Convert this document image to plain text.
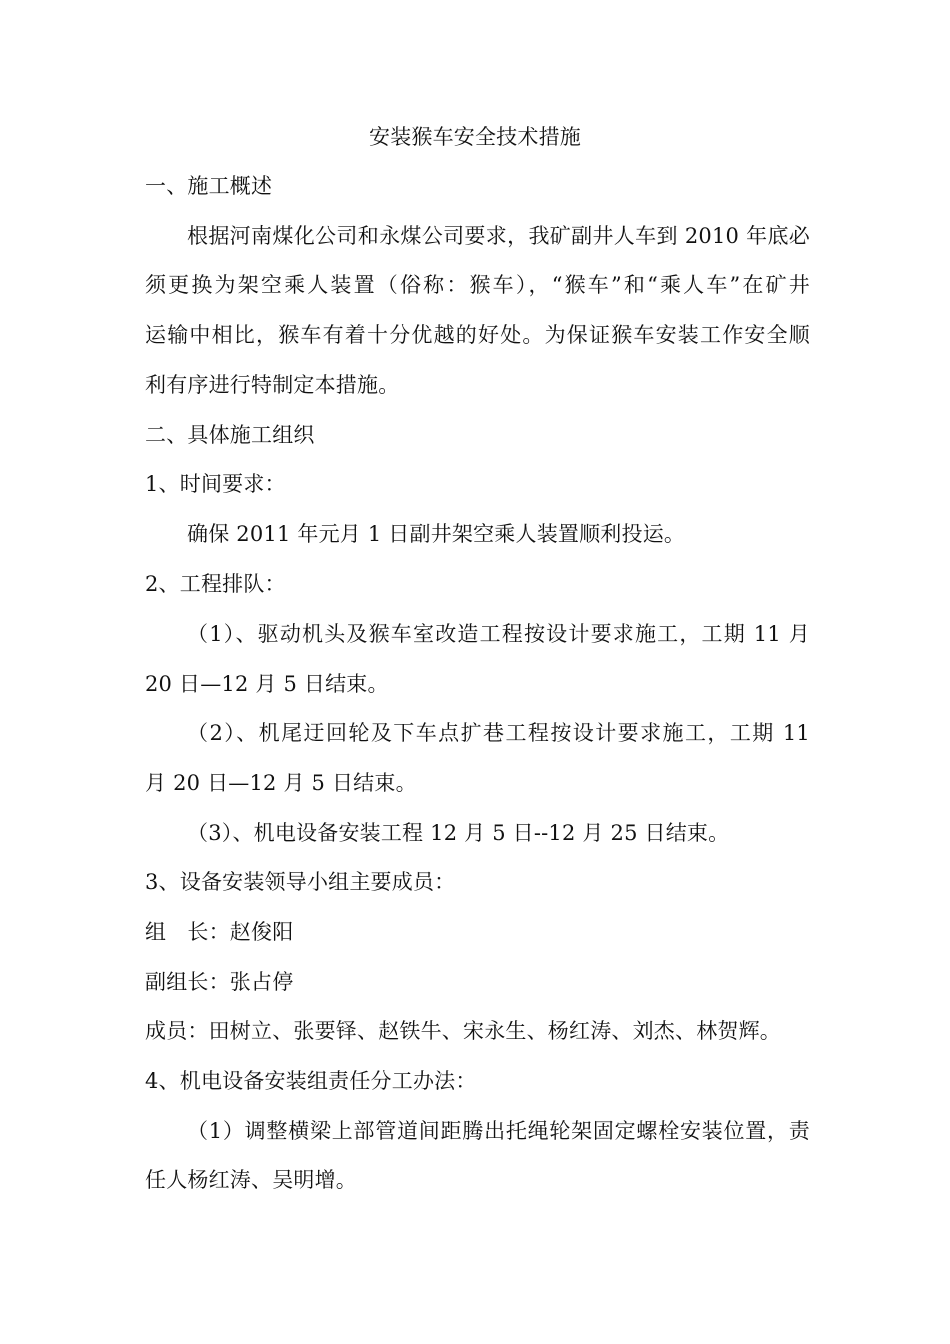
安装猴车安全技术措施
一、施工概述
根据河南煤化公司和永煤公司要求，我矿副井人车到 2010 年底必
须更换为架空乘人装置（俗称：猴车），“猴车”和“乘人车”在矿井
运输中相比，猴车有着十分优越的好处。为保证猴车安装工作安全顺
利有序进行特制定本措施。
二、具体施工组织
1、时间要求：
确保 2011 年元月 1 日副井架空乘人装置顺利投运。
2、工程排队：
（1）、驱动机头及猴车室改造工程按设计要求施工，工期 11 月
20 日—12 月 5 日结束。
（2）、机尾迂回轮及下车点扩巷工程按设计要求施工，工期 11
月 20 日—12 月 5 日结束。
（3）、机电设备安装工程 12 月 5 日--12 月 25 日结束。
3、设备安装领导小组主要成员：
组　长：赵俊阳
副组长：张占停
成员：田树立、张要铎、赵铁牛、宋永生、杨红涛、刘杰、林贺辉。
4、机电设备安装组责任分工办法：
（1）调整横梁上部管道间距腾出托绳轮架固定螺栓安装位置，责
任人杨红涛、吴明增。
